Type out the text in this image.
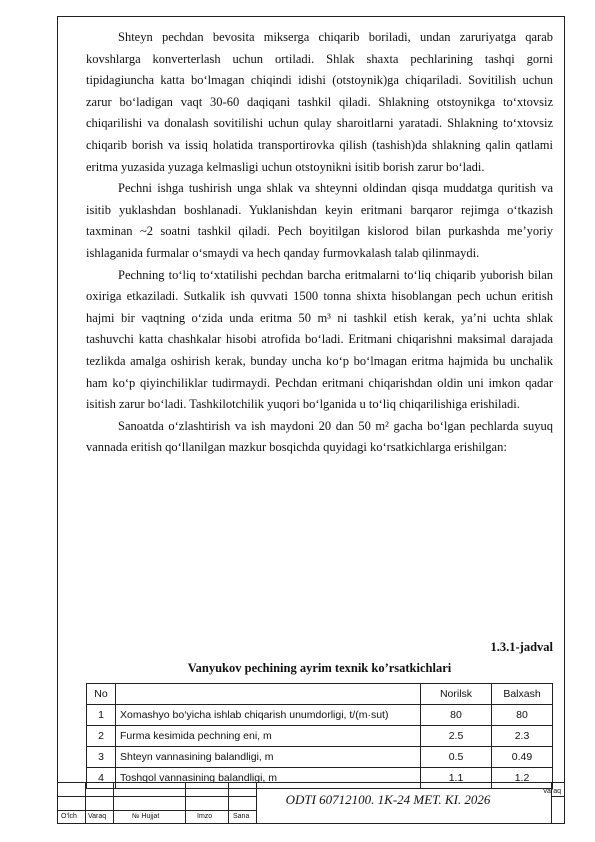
Shteyn pechdan bevosita mikserga chiqarib boriladi, undan zaruriyatga qarab kovshlarga konverterlash uchun ortiladi. Shlak shaxta pechlarining tashqi gorni tipidagiuncha katta bo‘lmagan chiqindi idishi (otstoynik)ga chiqariladi. Sovitilish uchun zarur bo‘ladigan vaqt 30-60 daqiqani tashkil qiladi. Shlakning otstoynikga to‘xtovsiz chiqarilishi va donalash sovitilishi uchun qulay sharoitlarni yaratadi. Shlakning to‘xtovsiz chiqarib borish va issiq holatida transportirovka qilish (tashish)da shlakning qalin qatlami eritma yuzasida yuzaga kelmasligi uchun otstoynikni isitib borish zarur bo‘ladi.

Pechni ishga tushirish unga shlak va shteynni oldindan qisqa muddatga quritish va isitib yuklashdan boshlanadi. Yuklanishdan keyin eritmani barqaror rejimga o‘tkazish taxminan ~2 soatni tashkil qiladi. Pech boyitilgan kislorod bilan purkashda me’yoriy ishlaganida furmalar o‘smaydi va hech qanday furmovkalash talab qilinmaydi.

Pechning to‘liq to‘xtatilishi pechdan barcha eritmalarni to‘liq chiqarib yuborish bilan oxiriga etkaziladi. Sutkalik ish quvvati 1500 tonna shixta hisoblangan pech uchun eritish hajmi bir vaqtning o‘zida unda eritma 50 m³ ni tashkil etish kerak, ya’ni uchta shlak tashuvchi katta chashkalar hisobi atrofida bo‘ladi. Eritmani chiqarishni maksimal darajada tezlikda amalga oshirish kerak, bunday uncha ko‘p bo‘lmagan eritma hajmida bu unchalik ham ko‘p qiyinchiliklar tudirmaydi. Pechdan eritmani chiqarishdan oldin uni imkon qadar isitish zarur bo‘ladi. Tashkilotchilik yuqori bo‘lganida u to‘liq chiqarilishiga erishiladi.

Sanoatda o‘zlashtirish va ish maydoni 20 dan 50 m² gacha bo‘lgan pechlarda suyuq vannada eritish qo‘llanilgan mazkur bosqichda quyidagi ko‘rsatkichlarga erishilgan:

1.3.1-jadval
Vanyukov pechining ayrim texnik ko’rsatkichlari
No		Norilsk	Balxash
1	Xomashyo bo‘yicha ishlab chiqarish unumdorligi, t/(m·sut)	80	80
2	Furma kesimida pechning eni, m	2.5	2.3
3	Shteyn vannasining balandligi, m	0.5	0.49
4	Toshqol vannasining balandligi, m	1.1	1.2
O‘lch Varaq	№ Hujjat	Imzo	Sana
ODTI 60712100. 1K-24 MET. KI. 2026
Varaq
